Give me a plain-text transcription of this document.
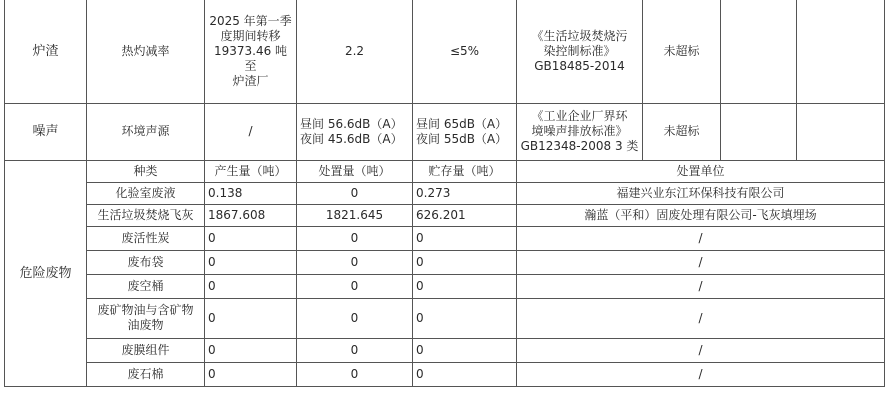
炉渣	热灼减率	2025 年第一季
度期间转移
19373.46 吨至
炉渣厂	2.2	≤5%	《生活垃圾焚烧污
染控制标准》
GB18485-2014	未超标		
噪声	环境声源	/	昼间 56.6dB（A）
夜间 45.6dB（A）	昼间 65dB（A）
夜间 55dB（A）	《工业企业厂界环
境噪声排放标准》
GB12348-2008 3 类	未超标		
危险废物	种类	产生量（吨）	处置量（吨）	贮存量（吨）	处置单位			
	化验室废液	0.138	0	0.273	福建兴业东江环保科技有限公司			
	生活垃圾焚烧飞灰	1867.608	1821.645	626.201	瀚蓝（平和）固废处理有限公司-飞灰填埋场			
	废活性炭	0	0	0	/			
	废布袋	0	0	0	/			
	废空桶	0	0	0	/			
	废矿物油与含矿物
油废物	0	0	0	/			
	废膜组件	0	0	0	/			
	废石棉	0	0	0	/			
